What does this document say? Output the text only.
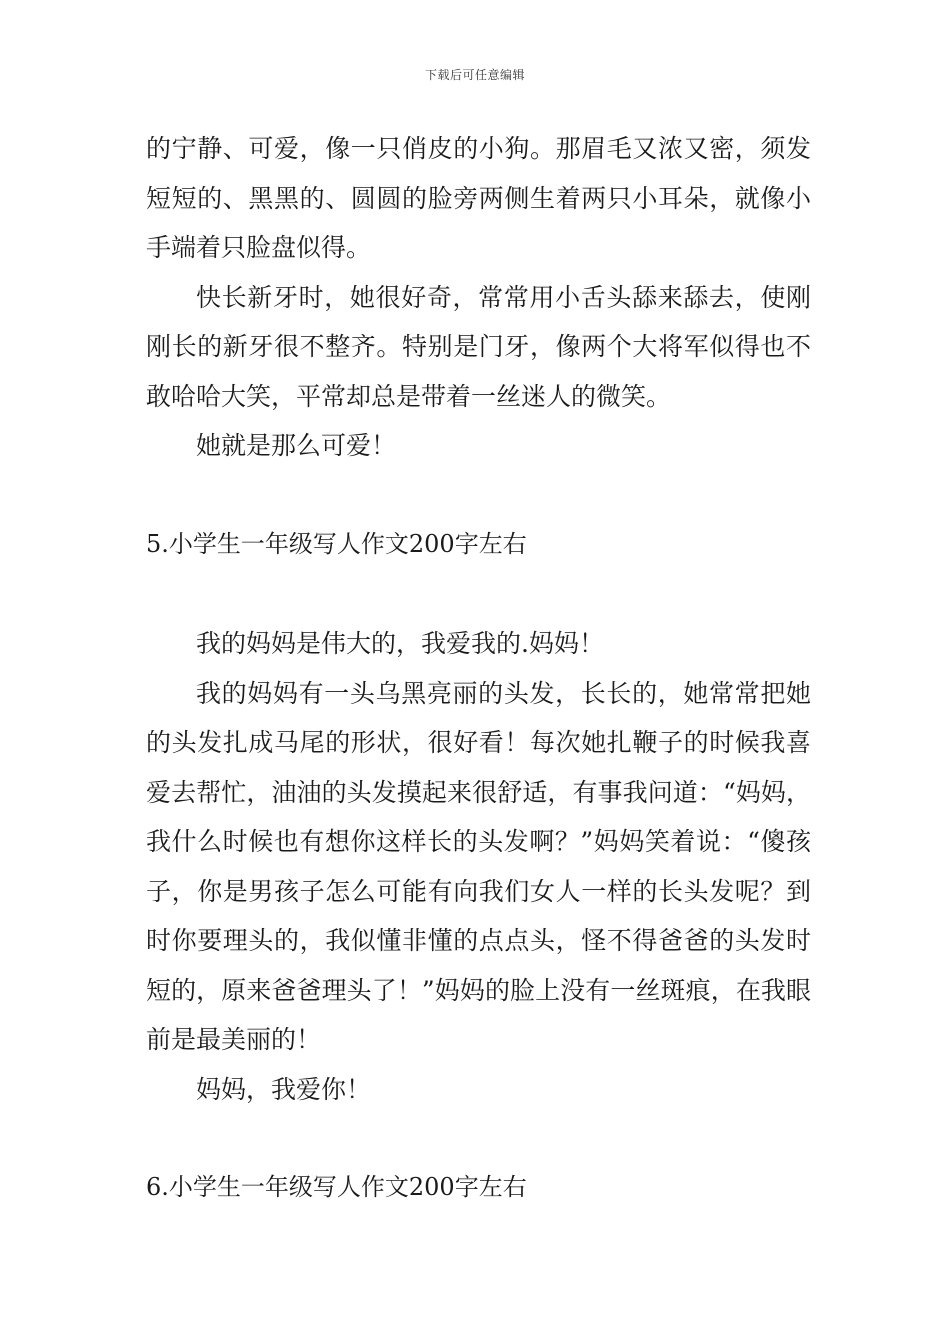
下载后可任意编辑

的宁静、可爱，像一只俏皮的小狗。那眉毛又浓又密，须发短短的、黑黑的、圆圆的脸旁两侧生着两只小耳朵，就像小手端着只脸盘似得。

快长新牙时，她很好奇，常常用小舌头舔来舔去，使刚刚长的新牙很不整齐。特别是门牙，像两个大将军似得也不敢哈哈大笑，平常却总是带着一丝迷人的微笑。

她就是那么可爱！

5.小学生一年级写人作文200字左右

我的妈妈是伟大的，我爱我的.妈妈！

我的妈妈有一头乌黑亮丽的头发，长长的，她常常把她的头发扎成马尾的形状，很好看！每次她扎鞭子的时候我喜爱去帮忙，油油的头发摸起来很舒适，有事我问道：“妈妈，我什么时候也有想你这样长的头发啊？”妈妈笑着说：“傻孩子，你是男孩子怎么可能有向我们女人一样的长头发呢？到时你要理头的，我似懂非懂的点点头，怪不得爸爸的头发时短的，原来爸爸理头了！”妈妈的脸上没有一丝斑痕，在我眼前是最美丽的！

妈妈，我爱你！

6.小学生一年级写人作文200字左右
